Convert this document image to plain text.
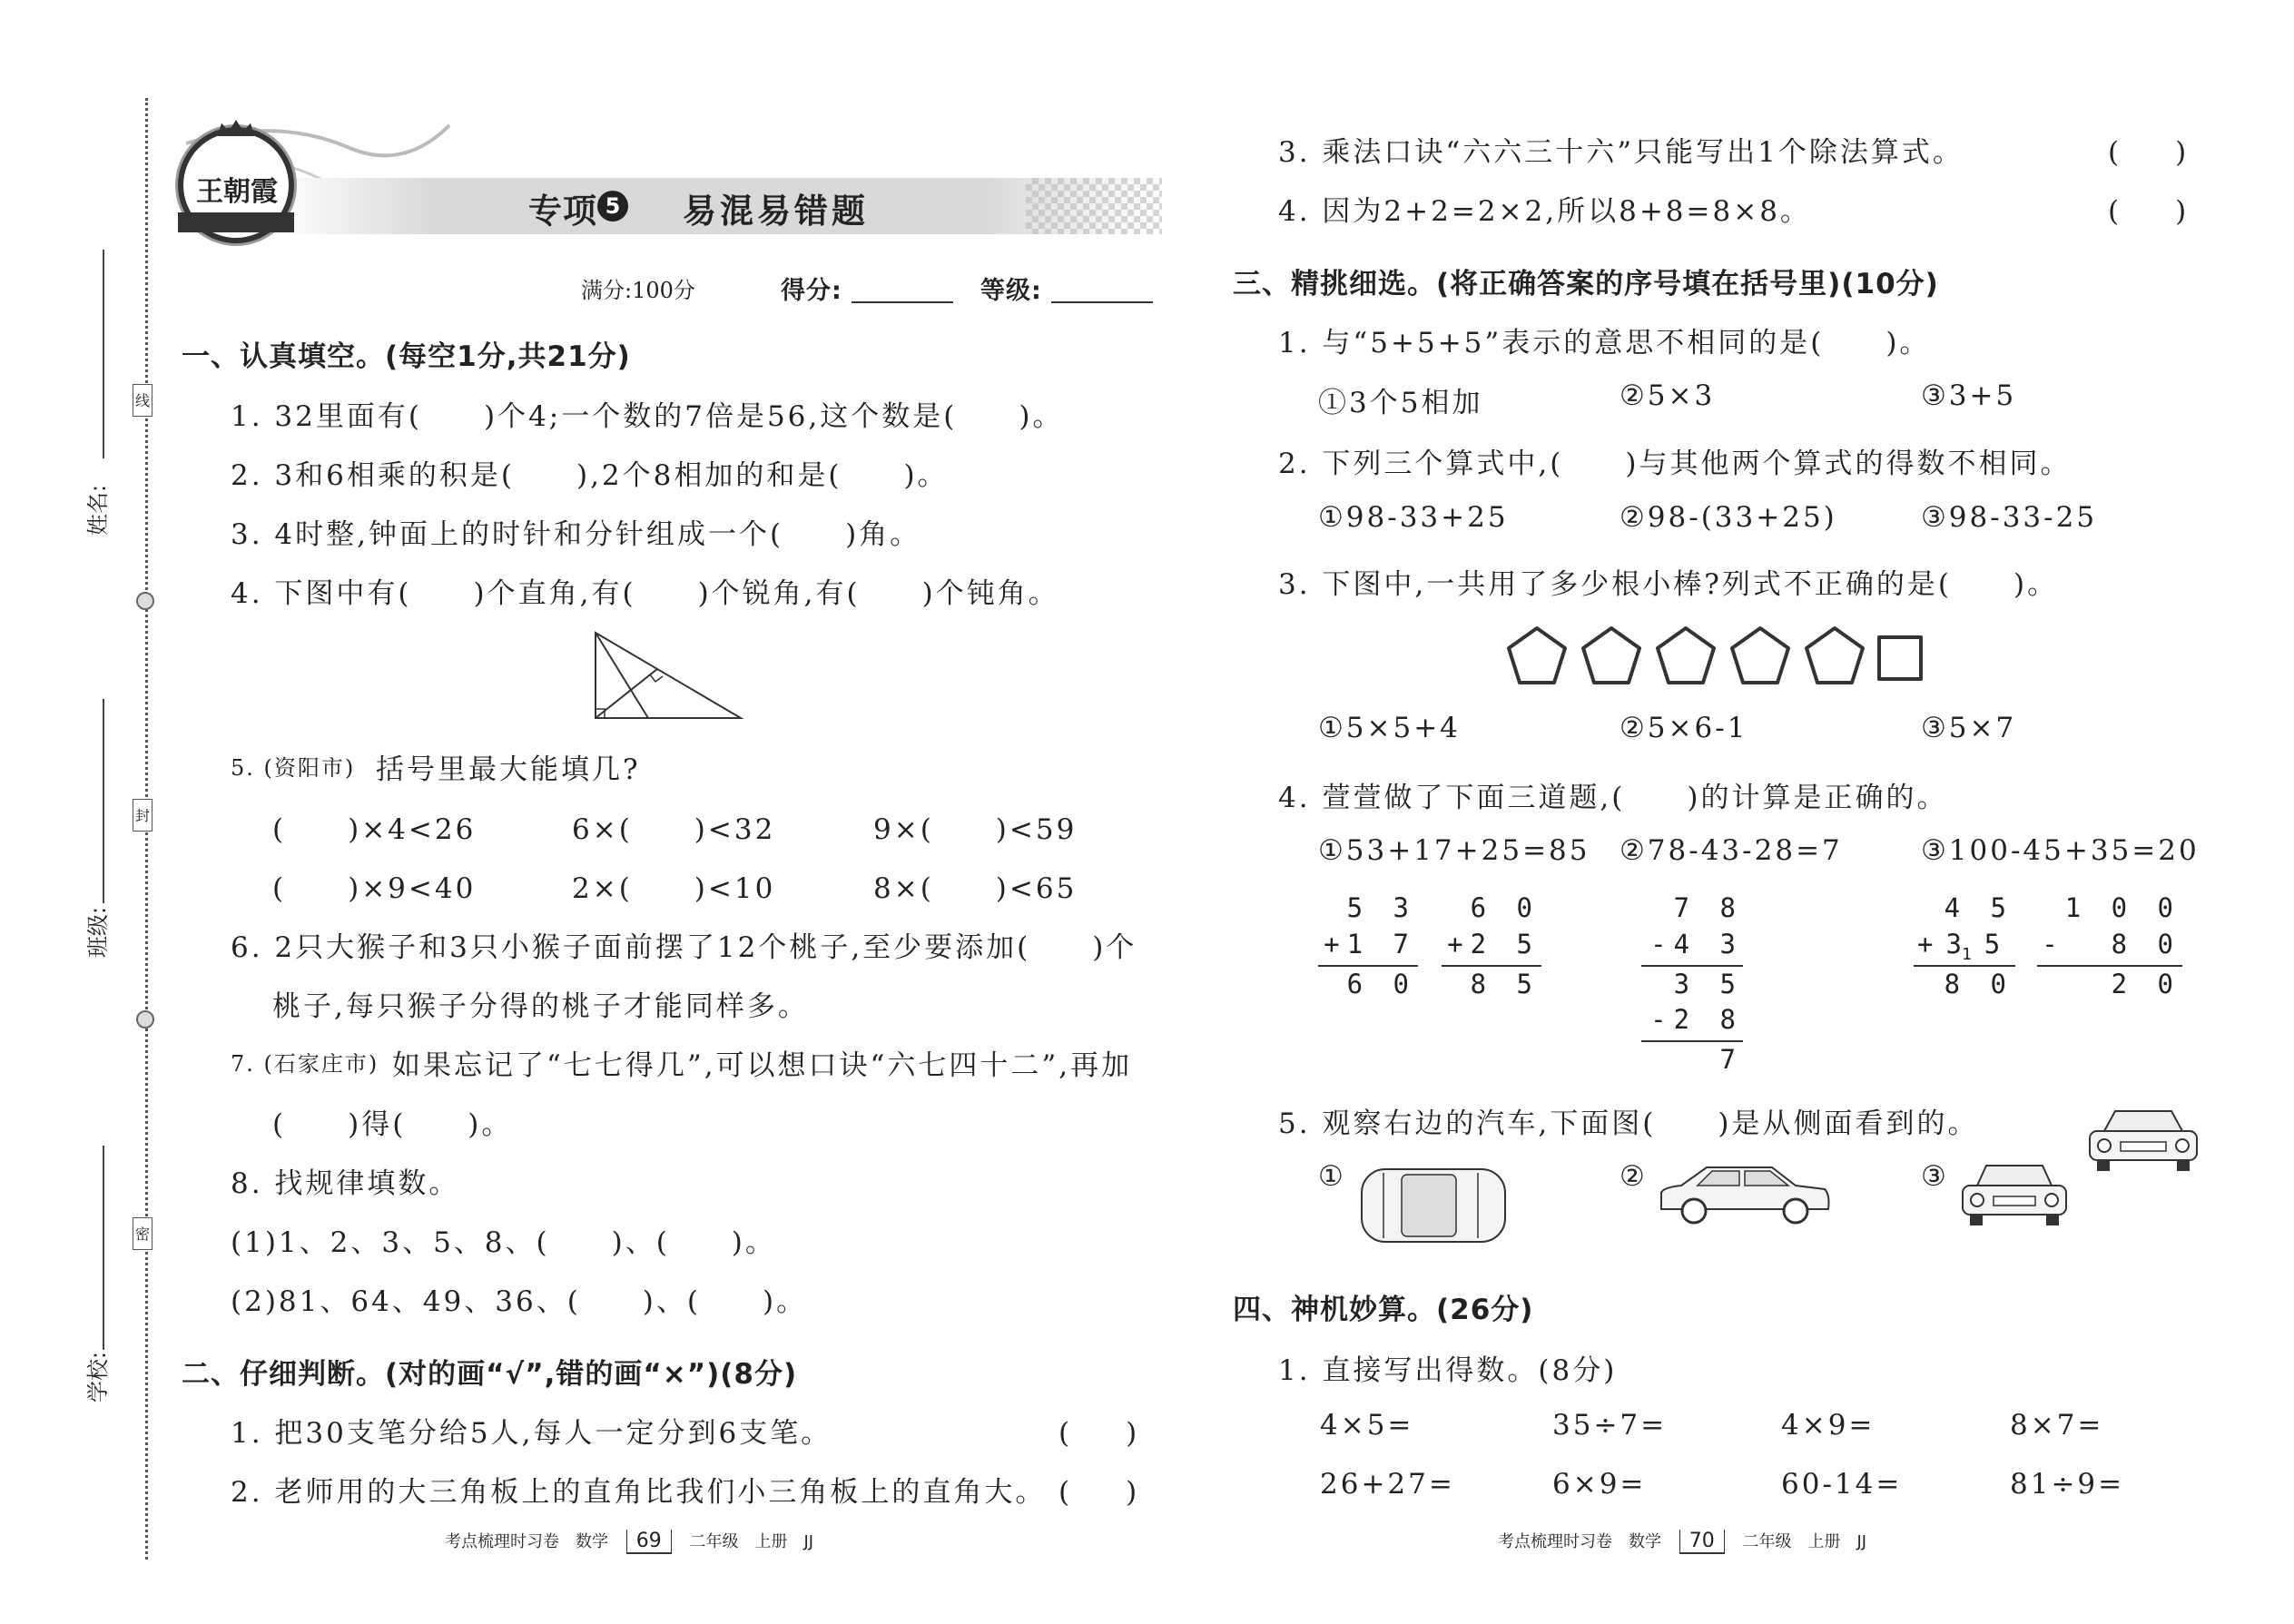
线
封
密
姓名:
班级:
学校:
王朝霞	专项 5 易混易错题
满分:100分	得分:	等级:
一、认真填空。(每空1分,共21分)
1. 32里面有(　　)个4;一个数的7倍是56,这个数是(　　)。
2. 3和6相乘的积是(　　),2个8相加的和是(　　)。
3. 4时整,钟面上的时针和分针组成一个(　　)角。
4. 下图中有(　　)个直角,有(　　)个锐角,有(　　)个钝角。
5. (资阳市) 括号里最大能填几?
(　　)×4<26	6×(　　)<32	9×(　　)<59
(　　)×9<40	2×(　　)<10	8×(　　)<65
6. 2只大猴子和3只小猴子面前摆了12个桃子,至少要添加(　　)个
桃子,每只猴子分得的桃子才能同样多。
7. (石家庄市) 如果忘记了“七七得几”,可以想口诀“六七四十二”,再加
(　　)得(　　)。
8. 找规律填数。
(1)1、2、3、5、8、(　　)、(　　)。
(2)81、64、49、36、(　　)、(　　)。
二、仔细判断。(对的画“√”,错的画“×”)(8分)
1. 把30支笔分给5人,每人一定分到6支笔。	(　　)
2. 老师用的大三角板上的直角比我们小三角板上的直角大。 (　　)
3. 乘法口诀“六六三十六”只能写出1个除法算式。	(　　)
4. 因为2+2=2×2,所以8+8=8×8。	(　　)
三、精挑细选。(将正确答案的序号填在括号里)(10分)
1. 与“5+5+5”表示的意思不相同的是(　　)。
①3个5相加	②5×3	③3+5
2. 下列三个算式中,(　　)与其他两个算式的得数不相同。
①98-33+25	②98-(33+25)	③98-33-25
3. 下图中,一共用了多少根小棒?列式不正确的是(　　)。
①5×5+4	②5×6-1	③5×7
4. 萱萱做了下面三道题,(　　)的计算是正确的。
①53+17+25=85 ②78-43-28=7	③100-45+35=20
5 3
+1 7
6 0
6 0
+2 5
8 5
7 8
-4 3
3 5
-2 8
7
4 5
+ $3_1$ 5
8 0
1 0 0
-  8 0
2 0
5. 观察右边的汽车,下面图(　　)是从侧面看到的。
①	②	③
四、神机妙算。(26分)
1. 直接写出得数。(8分)
4×5=	35÷7=	4×9=	8×7=
26+27=	6×9=	60-14=	81÷9=
考点梳理时习卷　数学 69 二年级　上册　JJ	考点梳理时习卷　数学 70 二年级　上册　JJ
